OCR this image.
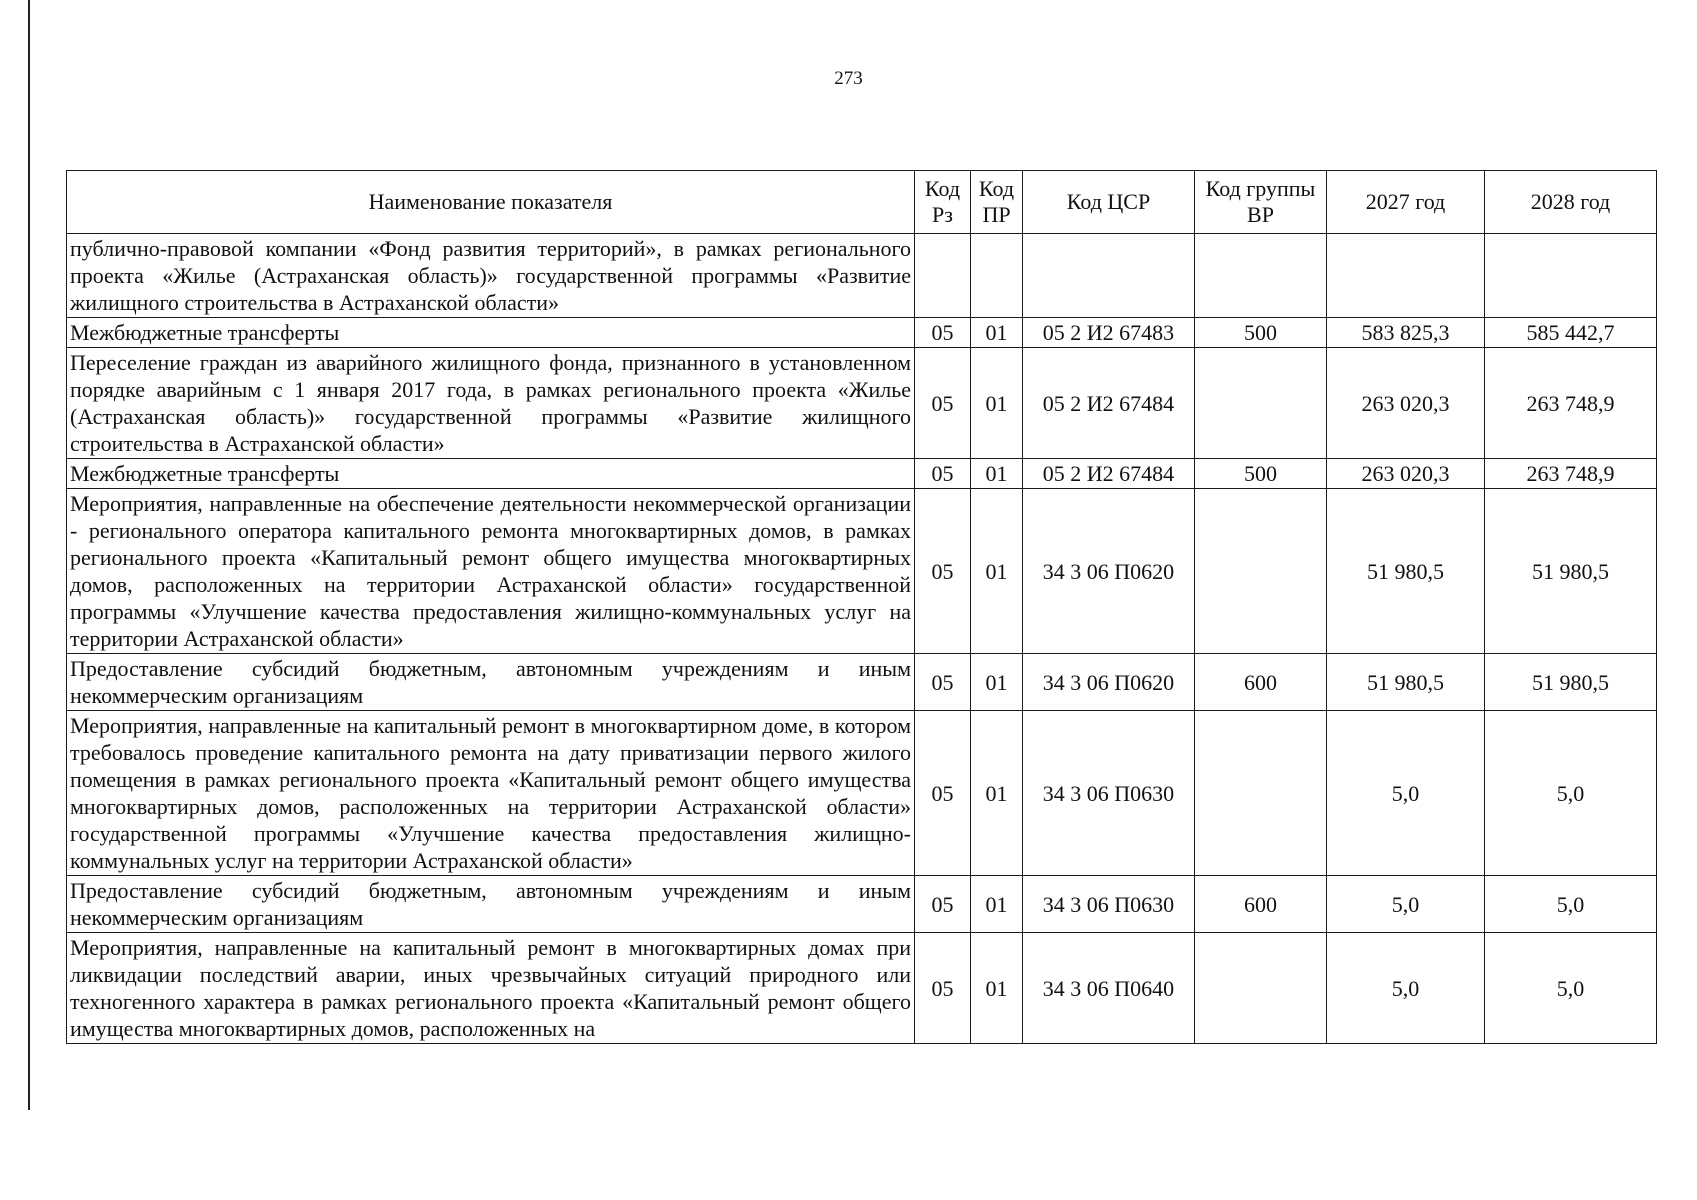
273
Наименование показателя	Код Рз	Код ПР	Код ЦСР	Код группы ВР	2027 год	2028 год
публично-правовой компании «Фонд развития территорий», в рамках регионального проекта «Жилье (Астраханская область)» государственной программы «Развитие жилищного строительства в Астраханской области»						
Межбюджетные трансферты	05	01	05 2 И2 67483	500	583 825,3	585 442,7
Переселение граждан из аварийного жилищного фонда, признанного в установленном порядке аварийным с 1 января 2017 года, в рамках регионального проекта «Жилье (Астраханская область)» государственной программы «Развитие жилищного строительства в Астраханской области»	05	01	05 2 И2 67484		263 020,3	263 748,9
Межбюджетные трансферты	05	01	05 2 И2 67484	500	263 020,3	263 748,9
Мероприятия, направленные на обеспечение деятельности некоммерческой организации - регионального оператора капитального ремонта многоквартирных домов, в рамках регионального проекта «Капитальный ремонт общего имущества многоквартирных домов, расположенных на территории Астраханской области» государственной программы «Улучшение качества предоставления жилищно-коммунальных услуг на территории Астраханской области»	05	01	34 3 06 П0620		51 980,5	51 980,5
Предоставление субсидий бюджетным, автономным учреждениям и иным некоммерческим организациям	05	01	34 3 06 П0620	600	51 980,5	51 980,5
Мероприятия, направленные на капитальный ремонт в многоквартирном доме, в котором требовалось проведение капитального ремонта на дату приватизации первого жилого помещения в рамках регионального проекта «Капитальный ремонт общего имущества многоквартирных домов, расположенных на территории Астраханской области» государственной программы «Улучшение качества предоставления жилищно-коммунальных услуг на территории Астраханской области»	05	01	34 3 06 П0630		5,0	5,0
Предоставление субсидий бюджетным, автономным учреждениям и иным некоммерческим организациям	05	01	34 3 06 П0630	600	5,0	5,0
Мероприятия, направленные на капитальный ремонт в многоквартирных домах при ликвидации последствий аварии, иных чрезвычайных ситуаций природного или техногенного характера в рамках регионального проекта «Капитальный ремонт общего имущества многоквартирных домов, расположенных на	05	01	34 3 06 П0640		5,0	5,0
